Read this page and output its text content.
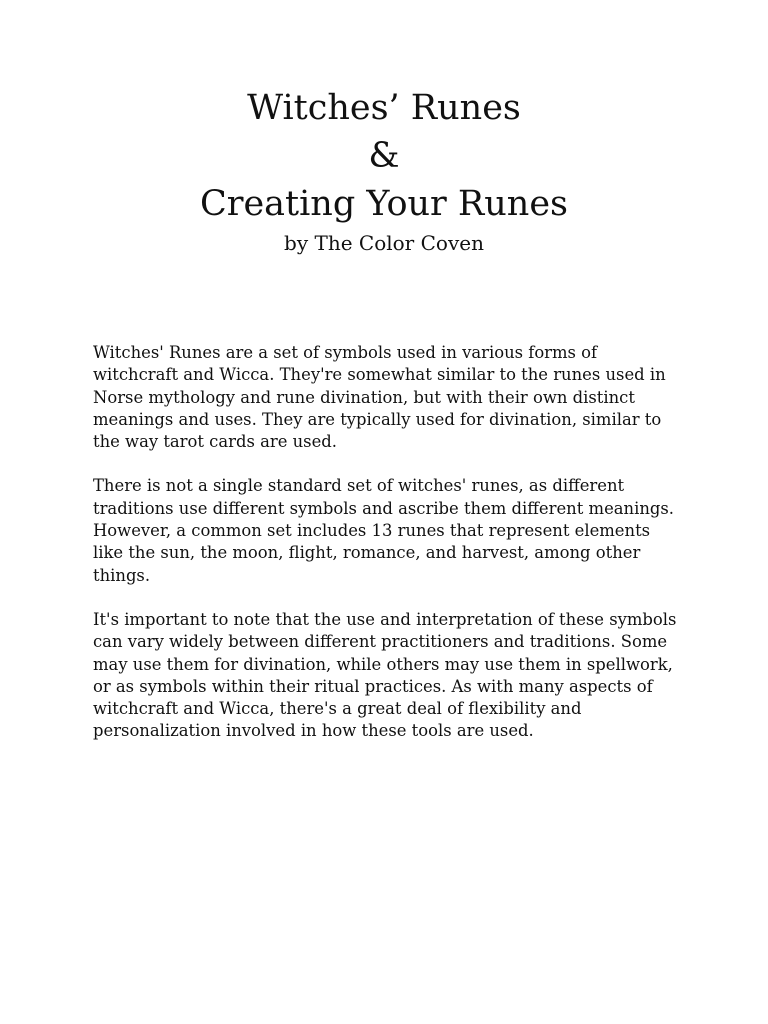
Witches’ Runes
&
Creating Your Runes

by The Color Coven

Witches' Runes are a set of symbols used in various forms of witchcraft and Wicca. They're somewhat similar to the runes used in Norse mythology and rune divination, but with their own distinct meanings and uses. They are typically used for divination, similar to the way tarot cards are used.

There is not a single standard set of witches' runes, as different traditions use different symbols and ascribe them different meanings. However, a common set includes 13 runes that represent elements like the sun, the moon, flight, romance, and harvest, among other things.

It's important to note that the use and interpretation of these symbols can vary widely between different practitioners and traditions. Some may use them for divination, while others may use them in spellwork, or as symbols within their ritual practices. As with many aspects of witchcraft and Wicca, there's a great deal of flexibility and personalization involved in how these tools are used.
